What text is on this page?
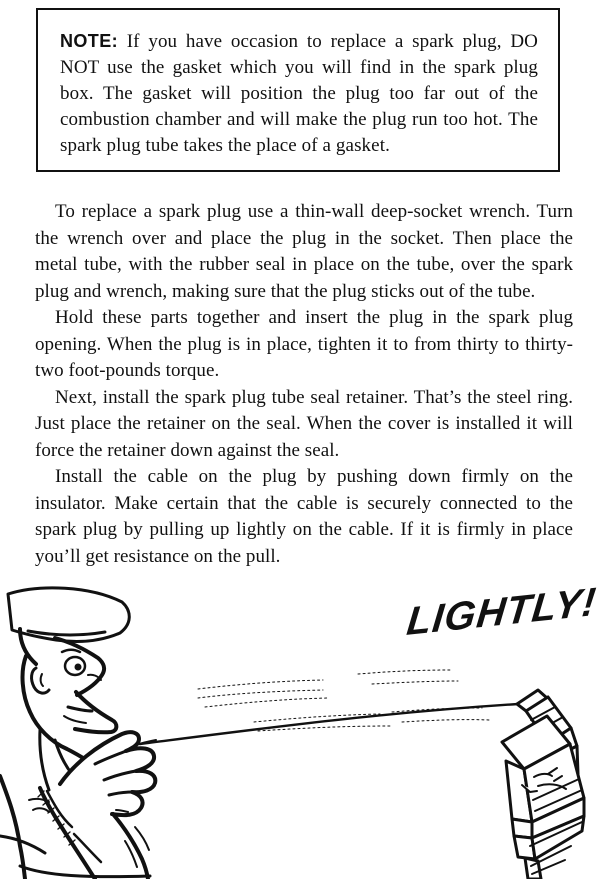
NOTE: If you have occasion to replace a spark plug, DO NOT use the gasket which you will find in the spark plug box. The gasket will position the plug too far out of the combustion chamber and will make the plug run too hot. The spark plug tube takes the place of a gasket.

To replace a spark plug use a thin-wall deep-socket wrench. Turn the wrench over and place the plug in the socket. Then place the metal tube, with the rubber seal in place on the tube, over the spark plug and wrench, making sure that the plug sticks out of the tube.

Hold these parts together and insert the plug in the spark plug opening. When the plug is in place, tighten it to from thirty to thirty-two foot-pounds torque.

Next, install the spark plug tube seal retainer. That’s the steel ring. Just place the retainer on the seal. When the cover is installed it will force the retainer down against the seal.

Install the cable on the plug by pushing down firmly on the insulator. Make certain that the cable is securely connected to the spark plug by pulling up lightly on the cable. If it is firmly in place you’ll get resistance on the pull.

LIGHTLY!
